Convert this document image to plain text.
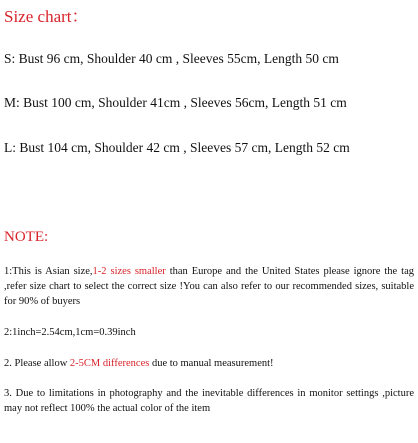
Size chart：
S: Bust 96 cm, Shoulder 40 cm , Sleeves 55cm, Length 50 cm
M: Bust 100 cm, Shoulder 41cm , Sleeves 56cm, Length 51 cm
L: Bust 104 cm, Shoulder 42 cm , Sleeves 57 cm, Length 52 cm
NOTE:
1:This is Asian size,1-2 sizes smaller than Europe and the United States please ignore the tag ,refer size chart to select the correct size !You can also refer to our recommended sizes, suitable for 90% of buyers
2:1inch=2.54cm,1cm=0.39inch
2. Please allow 2-5CM differences due to manual measurement!
3. Due to limitations in photography and the inevitable differences in monitor settings ,picture may not reflect 100% the actual color of the item
